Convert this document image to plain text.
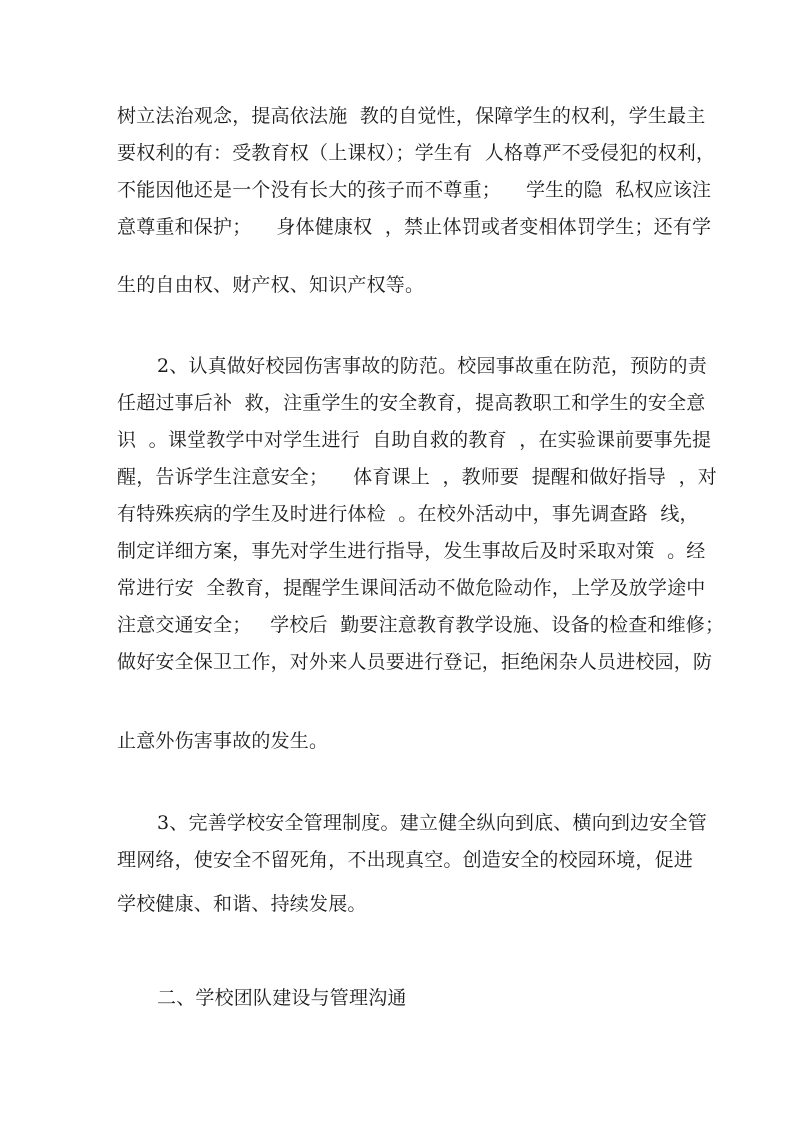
树立法治观念，提高依法施  教的自觉性，保障学生的权利，学生最主
要权利的有：受教育权（上课权）；学生有  人格尊严不受侵犯的权利，
不能因他还是一个没有长大的孩子而不尊重；    学生的隐  私权应该注
意尊重和保护；    身体健康权  ，禁止体罚或者变相体罚学生；还有学
生的自由权、财产权、知识产权等。
2、认真做好校园伤害事故的防范。校园事故重在防范，预防的责
任超过事后补  救，注重学生的安全教育，提高教职工和学生的安全意
识  。课堂教学中对学生进行  自助自救的教育  ，在实验课前要事先提
醒，告诉学生注意安全；    体育课上  ，教师要  提醒和做好指导  ，对
有特殊疾病的学生及时进行体检  。在校外活动中，事先调查路  线，
制定详细方案，事先对学生进行指导，发生事故后及时采取对策  。经
常进行安  全教育，提醒学生课间活动不做危险动作，上学及放学途中
注意交通安全；   学校后  勤要注意教育教学设施、设备的检查和维修；
做好安全保卫工作，对外来人员要进行登记，拒绝闲杂人员进校园，防
止意外伤害事故的发生。
3、完善学校安全管理制度。建立健全纵向到底、横向到边安全管
理网络，使安全不留死角，不出现真空。创造安全的校园环境，促进
学校健康、和谐、持续发展。
二、学校团队建设与管理沟通
